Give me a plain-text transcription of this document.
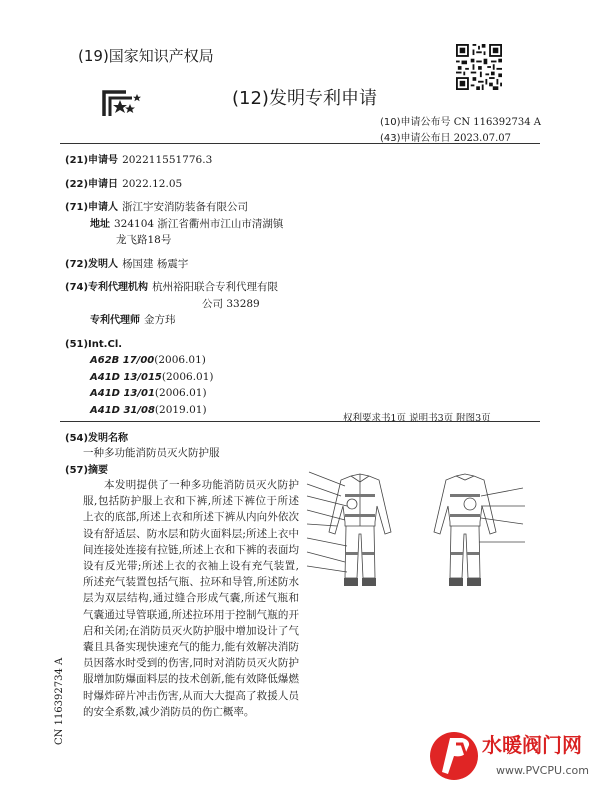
(19)国家知识产权局
(12)发明专利申请
(10)申请公布号 CN 116392734 A
(43)申请公布日 2023.07.07
(21)申请号 202211551776.3
(22)申请日 2022.12.05
(71)申请人 浙江宇安消防装备有限公司
地址 324104 浙江省衢州市江山市清湖镇
龙飞路18号
(72)发明人 杨国建 杨震宇
(74)专利代理机构 杭州裕阳联合专利代理有限
公司 33289
专利代理师 金方玮
(51)Int.Cl.
A62B 17/00(2006.01)
A41D 13/015(2006.01)
A41D 13/01(2006.01)
A41D 31/08(2019.01)
权利要求书1页 说明书3页 附图3页
(54)发明名称
一种多功能消防员灭火防护服
(57)摘要
本发明提供了一种多功能消防员灭火防护服,包括防护服上衣和下裤,所述下裤位于所述上衣的底部,所述上衣和所述下裤从内向外依次设有舒适层、防水层和防火面料层;所述上衣中间连接处连接有拉链,所述上衣和下裤的表面均设有反光带;所述上衣的衣袖上设有充气装置,所述充气装置包括气瓶、拉环和导管,所述防水层为双层结构,通过缝合形成气囊,所述气瓶和气囊通过导管联通,所述拉环用于控制气瓶的开启和关闭;在消防员灭火防护服中增加设计了气囊且具备实现快速充气的能力,能有效解决消防员因落水时受到的伤害,同时对消防员灭火防护服增加防爆面料层的技术创新,能有效降低爆燃时爆炸碎片冲击伤害,从而大大提高了救援人员的安全系数,减少消防员的伤亡概率。
CN 116392734 A	水暖阀门网
www.PVCPU.com
